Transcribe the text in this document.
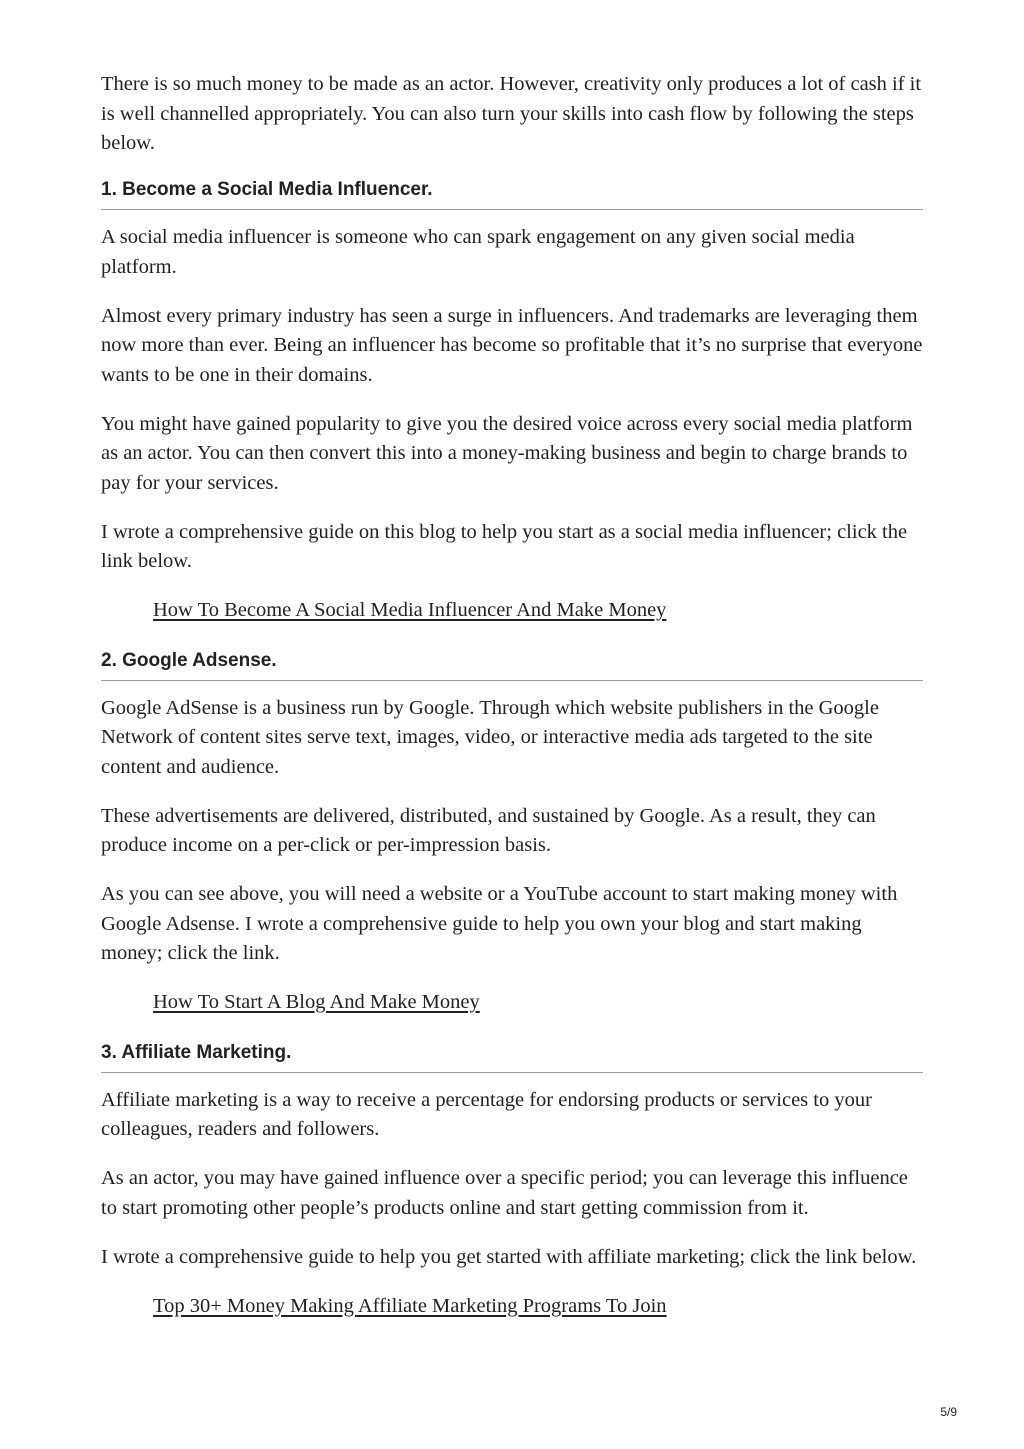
There is so much money to be made as an actor. However, creativity only produces a lot of cash if it is well channelled appropriately. You can also turn your skills into cash flow by following the steps below.

1. Become a Social Media Influencer.

A social media influencer is someone who can spark engagement on any given social media platform.

Almost every primary industry has seen a surge in influencers. And trademarks are leveraging them now more than ever. Being an influencer has become so profitable that it’s no surprise that everyone wants to be one in their domains.

You might have gained popularity to give you the desired voice across every social media platform as an actor. You can then convert this into a money-making business and begin to charge brands to pay for your services.

I wrote a comprehensive guide on this blog to help you start as a social media influencer; click the link below.

How To Become A Social Media Influencer And Make Money
2. Google Adsense.

Google AdSense is a business run by Google. Through which website publishers in the Google Network of content sites serve text, images, video, or interactive media ads targeted to the site content and audience.

These advertisements are delivered, distributed, and sustained by Google. As a result, they can produce income on a per-click or per-impression basis.

As you can see above, you will need a website or a YouTube account to start making money with Google Adsense. I wrote a comprehensive guide to help you own your blog and start making money; click the link.

How To Start A Blog And Make Money
3. Affiliate Marketing.

Affiliate marketing is a way to receive a percentage for endorsing products or services to your colleagues, readers and followers.

As an actor, you may have gained influence over a specific period; you can leverage this influence to start promoting other people’s products online and start getting commission from it.

I wrote a comprehensive guide to help you get started with affiliate marketing; click the link below.

Top 30+ Money Making Affiliate Marketing Programs To Join
5/9
